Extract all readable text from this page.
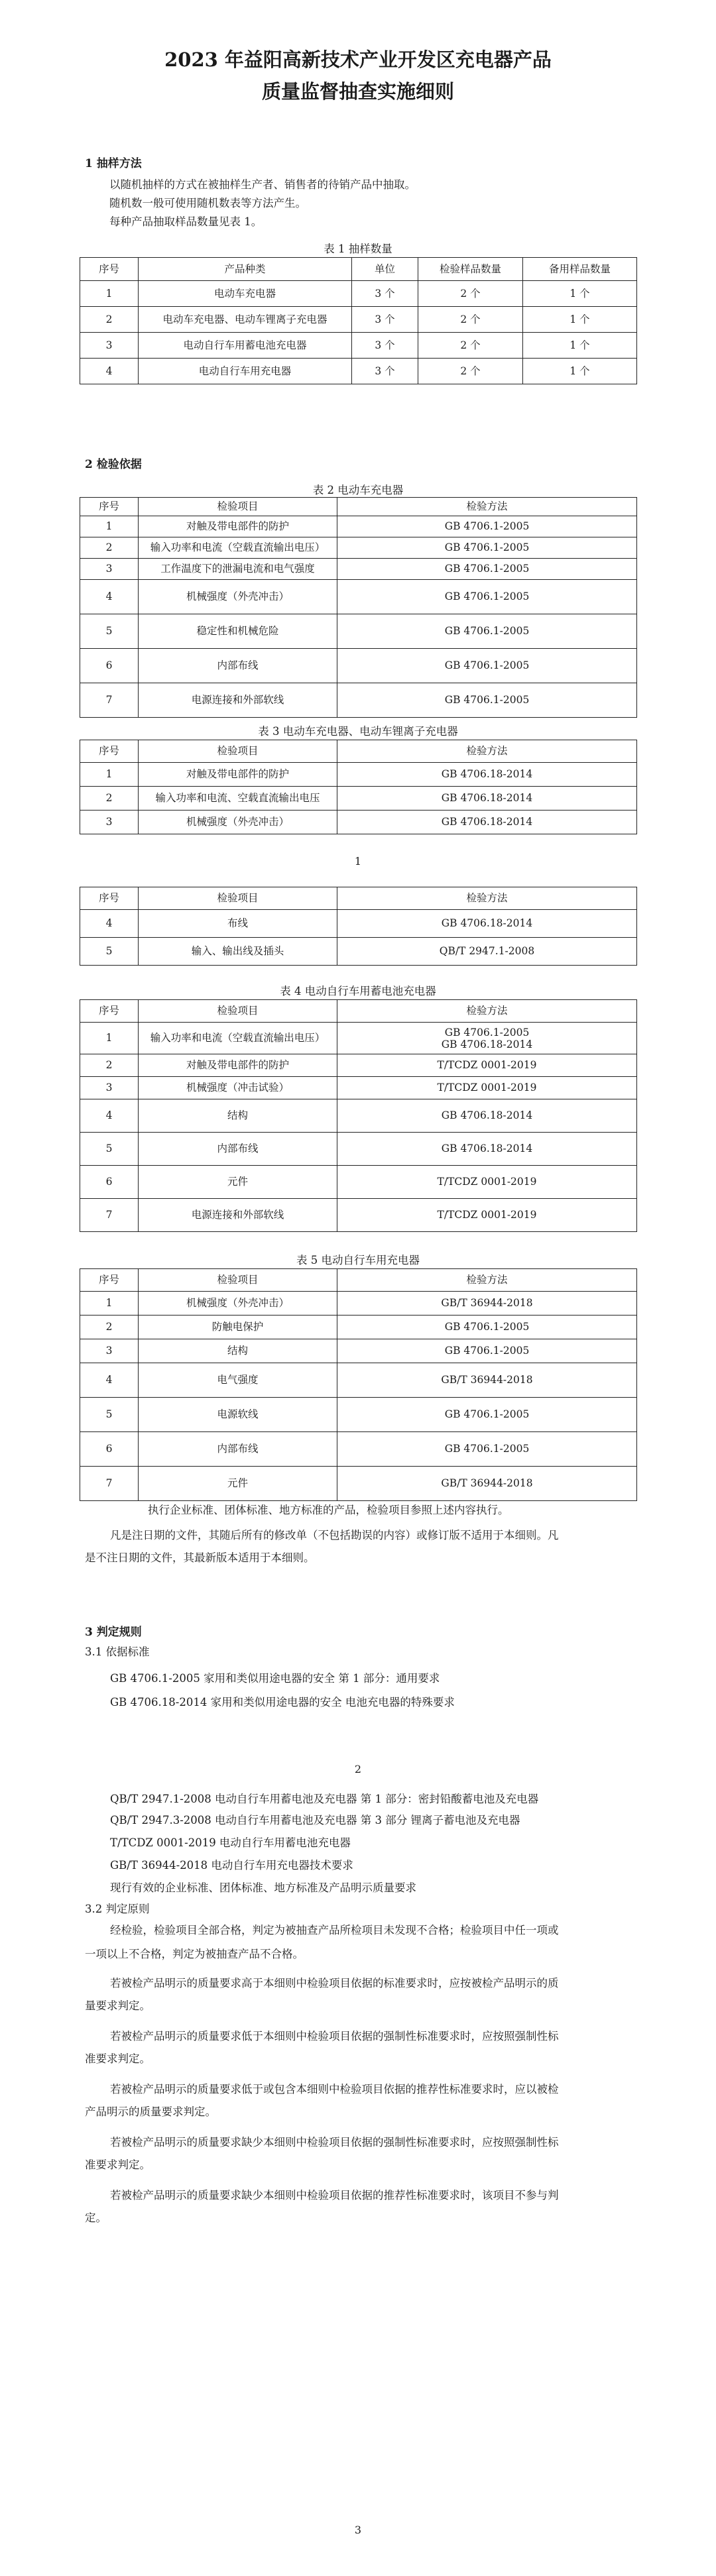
2023 年益阳高新技术产业开发区充电器产品
质量监督抽查实施细则
1 抽样方法
以随机抽样的方式在被抽样生产者、销售者的待销产品中抽取。
随机数一般可使用随机数表等方法产生。
每种产品抽取样品数量见表 1。
表 1 抽样数量
序号	产品种类	单位	检验样品数量	备用样品数量
1	电动车充电器	3 个	2 个	1 个
2	电动车充电器、电动车锂离子充电器	3 个	2 个	1 个
3	电动自行车用蓄电池充电器	3 个	2 个	1 个
4	电动自行车用充电器	3 个	2 个	1 个
2 检验依据
表 2 电动车充电器
序号	检验项目	检验方法
1	对触及带电部件的防护	GB 4706.1-2005
2	输入功率和电流（空载直流输出电压）	GB 4706.1-2005
3	工作温度下的泄漏电流和电气强度	GB 4706.1-2005
4	机械强度（外壳冲击）	GB 4706.1-2005
5	稳定性和机械危险	GB 4706.1-2005
6	内部布线	GB 4706.1-2005
7	电源连接和外部软线	GB 4706.1-2005
表 3 电动车充电器、电动车锂离子充电器
序号	检验项目	检验方法
1	对触及带电部件的防护	GB 4706.18-2014
2	输入功率和电流、空载直流输出电压	GB 4706.18-2014
3	机械强度（外壳冲击）	GB 4706.18-2014
1
序号	检验项目	检验方法
4	布线	GB 4706.18-2014
5	输入、输出线及插头	QB/T 2947.1-2008
表 4 电动自行车用蓄电池充电器
序号	检验项目	检验方法
1	输入功率和电流（空载直流输出电压）	GB 4706.1-2005
GB 4706.18-2014
2	对触及带电部件的防护	T/TCDZ 0001-2019
3	机械强度（冲击试验）	T/TCDZ 0001-2019
4	结构	GB 4706.18-2014
5	内部布线	GB 4706.18-2014
6	元件	T/TCDZ 0001-2019
7	电源连接和外部软线	T/TCDZ 0001-2019
表 5 电动自行车用充电器
序号	检验项目	检验方法
1	机械强度（外壳冲击）	GB/T 36944-2018
2	防触电保护	GB 4706.1-2005
3	结构	GB 4706.1-2005
4	电气强度	GB/T 36944-2018
5	电源软线	GB 4706.1-2005
6	内部布线	GB 4706.1-2005
7	元件	GB/T 36944-2018
执行企业标准、团体标准、地方标准的产品，检验项目参照上述内容执行。
凡是注日期的文件，其随后所有的修改单（不包括勘误的内容）或修订版不适用于本细则。凡
是不注日期的文件，其最新版本适用于本细则。
3 判定规则
3.1 依据标准
GB 4706.1-2005 家用和类似用途电器的安全 第 1 部分：通用要求
GB 4706.18-2014 家用和类似用途电器的安全 电池充电器的特殊要求
2
QB/T 2947.1-2008 电动自行车用蓄电池及充电器 第 1 部分：密封铅酸蓄电池及充电器
QB/T 2947.3-2008 电动自行车用蓄电池及充电器 第 3 部分 锂离子蓄电池及充电器
T/TCDZ 0001-2019 电动自行车用蓄电池充电器
GB/T 36944-2018 电动自行车用充电器技术要求
现行有效的企业标准、团体标准、地方标准及产品明示质量要求
3.2 判定原则
经检验，检验项目全部合格，判定为被抽查产品所检项目未发现不合格；检验项目中任一项或
一项以上不合格，判定为被抽查产品不合格。
若被检产品明示的质量要求高于本细则中检验项目依据的标准要求时，应按被检产品明示的质
量要求判定。
若被检产品明示的质量要求低于本细则中检验项目依据的强制性标准要求时，应按照强制性标
准要求判定。
若被检产品明示的质量要求低于或包含本细则中检验项目依据的推荐性标准要求时，应以被检
产品明示的质量要求判定。
若被检产品明示的质量要求缺少本细则中检验项目依据的强制性标准要求时，应按照强制性标
准要求判定。
若被检产品明示的质量要求缺少本细则中检验项目依据的推荐性标准要求时，该项目不参与判
定。
3
